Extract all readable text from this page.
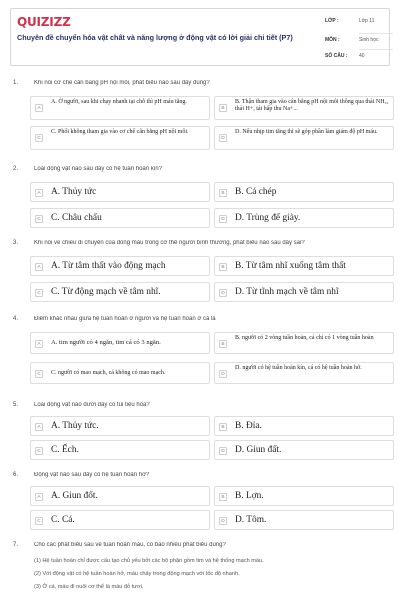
QUIZIZZ
Chuyên đề chuyển hóa vật chất và năng lượng ở động vật có lời giải chi tiết (P7)
LỚP :	Lớp 11
MÔN :	Sinh học
SỐ CÂU : 40
1.	Khi nói cơ chế cân bằng pH nội môi, phát biểu nào sau đây đúng?
A
A. Ở người, sau khi chạy nhanh tại chỗ thì pH máu tăng.
B
B. Thận tham gia vào cân bằng pH nội môi thông qua thải NH₃, thải H+, tái hấp thu Na+...
C
C. Phổi không tham gia vào cơ chế cân bằng pH nội môi.
D
D. Nếu nhịp tim tăng thì sẽ góp phần làm giảm độ pH máu.
2.	Loài động vật nào sau đây có hệ tuần hoàn kín?
A A. Thủy tức	B B. Cá chép
C C. Châu chấu	D D. Trùng đế giày.
3.	Khi nói về chiều di chuyển của dòng máu trong cơ thể người bình thường, phát biểu nào sau đây sai?
A A. Từ tâm thất vào động mạch	B B. Từ tâm nhĩ xuống tâm thất
C C. Từ động mạch về tâm nhĩ.	D D. Từ tĩnh mạch về tâm nhĩ
4.	Điểm khác nhau giữa hệ tuần hoàn ở người và hệ tuần hoàn ở cá là
A	A. tim người có 4 ngăn, tim cá có 3 ngăn.	B
B. người có 2 vòng tuần hoàn, cá chỉ có 1 vòng tuần hoàn
C	C. người có mao mạch, cá không có mao mạch.	D
D. người có hệ tuần hoàn kín, cá có hệ tuần hoàn hở.
5.	Loài động vật nào dưới đây có túi tiêu hóa?
A A. Thủy tức.	B B. Đỉa.
C C. Ếch.	D D. Giun đất.
6.	Động vật nào sau đây có hệ tuần hoàn hở?
A A. Giun đốt.	B B. Lợn.
C C. Cá.	D D. Tôm.
7.	Cho các phát biểu sau về tuần hoàn máu, có bao nhiêu phát biểu đúng?
(1) Hệ tuần hoàn chỉ được cấu tạo chủ yếu bởi các bộ phận gồm tim và hệ thống mạch máu.
(2) Với động vật có hệ tuần hoàn hở, máu chảy trong động mạch với tốc độ nhanh.
(3) Ở cá, máu đi nuôi cơ thể là máu đỏ tươi.
